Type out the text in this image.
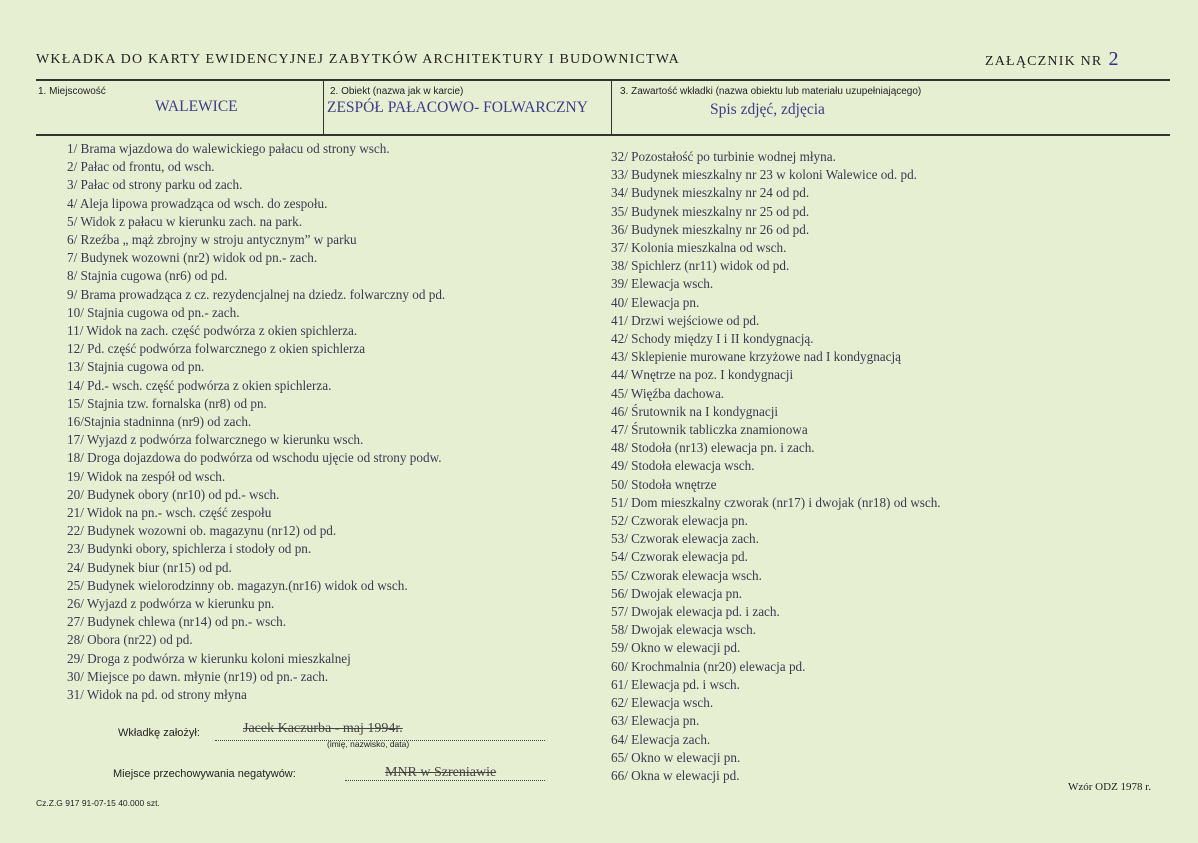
WKŁADKA DO KARTY EWIDENCYJNEJ ZABYTKÓW ARCHITEKTURY I BUDOWNICTWA	ZAŁĄCZNIK NR 2
1. Miejscowość
WALEWICE
2. Obiekt (nazwa jak w karcie)
ZESPÓŁ PAŁACOWO- FOLWARCZNY
3. Zawartość wkładki (nazwa obiektu lub materiału uzupełniającego)
Spis zdjęć, zdjęcia
1/ Brama wjazdowa do walewickiego pałacu od strony wsch.
2/ Pałac od frontu, od wsch.
3/ Pałac od strony parku od zach.
4/ Aleja lipowa prowadząca od wsch. do zespołu.
5/ Widok z pałacu w kierunku zach. na park.
6/ Rzeźba „ mąż zbrojny w stroju antycznym” w parku
7/ Budynek wozowni (nr2) widok od pn.- zach.
8/ Stajnia cugowa (nr6) od pd.
9/ Brama prowadząca z cz. rezydencjalnej na dziedz. folwarczny od pd.
10/ Stajnia cugowa od pn.- zach.
11/ Widok na zach. część podwórza z okien spichlerza.
12/ Pd. część podwórza folwarcznego z okien spichlerza
13/ Stajnia cugowa od pn.
14/ Pd.- wsch. część podwórza z okien spichlerza.
15/ Stajnia tzw. fornalska (nr8) od pn.
16/Stajnia stadninna (nr9) od zach.
17/ Wyjazd z podwórza folwarcznego w kierunku wsch.
18/ Droga dojazdowa do podwórza od wschodu ujęcie od strony podw.
19/ Widok na zespół od wsch.
20/ Budynek obory (nr10) od pd.- wsch.
21/ Widok na pn.- wsch. część zespołu
22/ Budynek wozowni ob. magazynu (nr12) od pd.
23/ Budynki obory, spichlerza i stodoły od pn.
24/ Budynek biur (nr15) od pd.
25/ Budynek wielorodzinny ob. magazyn.(nr16) widok od wsch.
26/ Wyjazd z podwórza w kierunku pn.
27/ Budynek chlewa (nr14) od pn.- wsch.
28/ Obora (nr22) od pd.
29/ Droga z podwórza w kierunku koloni mieszkalnej
30/ Miejsce po dawn. młynie (nr19) od pn.- zach.
31/ Widok na pd. od strony młyna
32/ Pozostałość po turbinie wodnej młyna.
33/ Budynek mieszkalny nr 23 w koloni Walewice od. pd.
34/ Budynek mieszkalny nr 24 od pd.
35/ Budynek mieszkalny nr 25 od pd.
36/ Budynek mieszkalny nr 26 od pd.
37/ Kolonia mieszkalna od wsch.
38/ Spichlerz (nr11) widok od pd.
39/ Elewacja wsch.
40/ Elewacja pn.
41/ Drzwi wejściowe od pd.
42/ Schody między I i II kondygnacją.
43/ Sklepienie murowane krzyżowe nad I kondygnacją
44/ Wnętrze na poz. I kondygnacji
45/ Więźba dachowa.
46/ Śrutownik na I kondygnacji
47/ Śrutownik tabliczka znamionowa
48/ Stodoła (nr13) elewacja pn. i zach.
49/ Stodoła elewacja wsch.
50/ Stodoła wnętrze
51/ Dom mieszkalny czworak (nr17) i dwojak (nr18) od wsch.
52/ Czworak elewacja pn.
53/ Czworak elewacja zach.
54/ Czworak elewacja pd.
55/ Czworak elewacja wsch.
56/ Dwojak elewacja pn.
57/ Dwojak elewacja pd. i zach.
58/ Dwojak elewacja wsch.
59/ Okno w elewacji pd.
60/ Krochmalnia (nr20) elewacja pd.
61/ Elewacja pd. i wsch.
62/ Elewacja wsch.
63/ Elewacja pn.
64/ Elewacja zach.
65/ Okno w elewacji pn.
66/ Okna w elewacji pd.
Wkładkę założył:	Jacek Kaczurba - maj 1994r.
(imię, nazwisko, data)
Miejsce przechowywania negatywów:	MNR w Szreniawie
Cz.Z.G 917 91-07-15 40.000 szt.
Wzór ODZ 1978 r.
